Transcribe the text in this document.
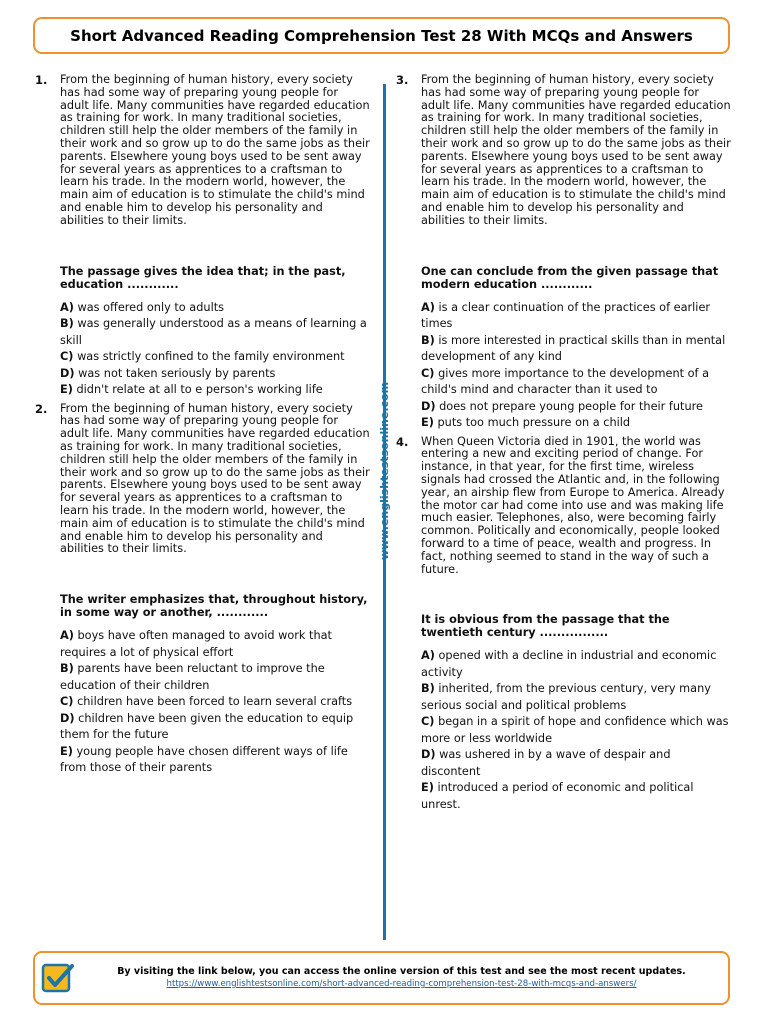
Short Advanced Reading Comprehension Test 28 With MCQs and Answers
1.	From the beginning of human history, every society has had some way of preparing young people for adult life. Many communities have regarded education as training for work. In many traditional societies, children still help the older members of the family in their work and so grow up to do the same jobs as their parents. Elsewhere young boys used to be sent away for several years as apprentices to a craftsman to learn his trade. In the modern world, however, the main aim of education is to stimulate the child's mind and enable him to develop his personality and abilities to their limits.

The passage gives the idea that; in the past, education ............

A) was offered only to adults

B) was generally understood as a means of learning a skill

C) was strictly confined to the family environment

D) was not taken seriously by parents

E) didn't relate at all to e person's working life

2.	From the beginning of human history, every society has had some way of preparing young people for adult life. Many communities have regarded education as training for work. In many traditional societies, children still help the older members of the family in their work and so grow up to do the same jobs as their parents. Elsewhere young boys used to be sent away for several years as apprentices to a craftsman to learn his trade. In the modern world, however, the main aim of education is to stimulate the child's mind and enable him to develop his personality and abilities to their limits.

The writer emphasizes that, throughout history, in some way or another, ............

A) boys have often managed to avoid work that requires a lot of physical effort

B) parents have been reluctant to improve the education of their children

C) children have been forced to learn several crafts

D) children have been given the education to equip them for the future

E) young people have chosen different ways of life from those of their parents

www.englishtestsonline.com
3.	From the beginning of human history, every society has had some way of preparing young people for adult life. Many communities have regarded education as training for work. In many traditional societies, children still help the older members of the family in their work and so grow up to do the same jobs as their parents. Elsewhere young boys used to be sent away for several years as apprentices to a craftsman to learn his trade. In the modern world, however, the main aim of education is to stimulate the child's mind and enable him to develop his personality and abilities to their limits.

One can conclude from the given passage that modern education ............

A) is a clear continuation of the practices of earlier times

B) is more interested in practical skills than in mental development of any kind

C) gives more importance to the development of a child's mind and character than it used to

D) does not prepare young people for their future

E) puts too much pressure on a child

4.	When Queen Victoria died in 1901, the world was entering a new and exciting period of change. For instance, in that year, for the first time, wireless signals had crossed the Atlantic and, in the following year, an airship flew from Europe to America. Already the motor car had come into use and was making life much easier. Telephones, also, were becoming fairly common. Politically and economically, people looked forward to a time of peace, wealth and progress. In fact, nothing seemed to stand in the way of such a future.

It is obvious from the passage that the twentieth century ................

A) opened with a decline in industrial and economic activity

B) inherited, from the previous century, very many serious social and political problems

C) began in a spirit of hope and confidence which was more or less worldwide

D) was ushered in by a wave of despair and discontent

E) introduced a period of economic and political unrest.

By visiting the link below, you can access the online version of this test and see the most recent updates.
https://www.englishtestsonline.com/short-advanced-reading-comprehension-test-28-with-mcqs-and-answers/
